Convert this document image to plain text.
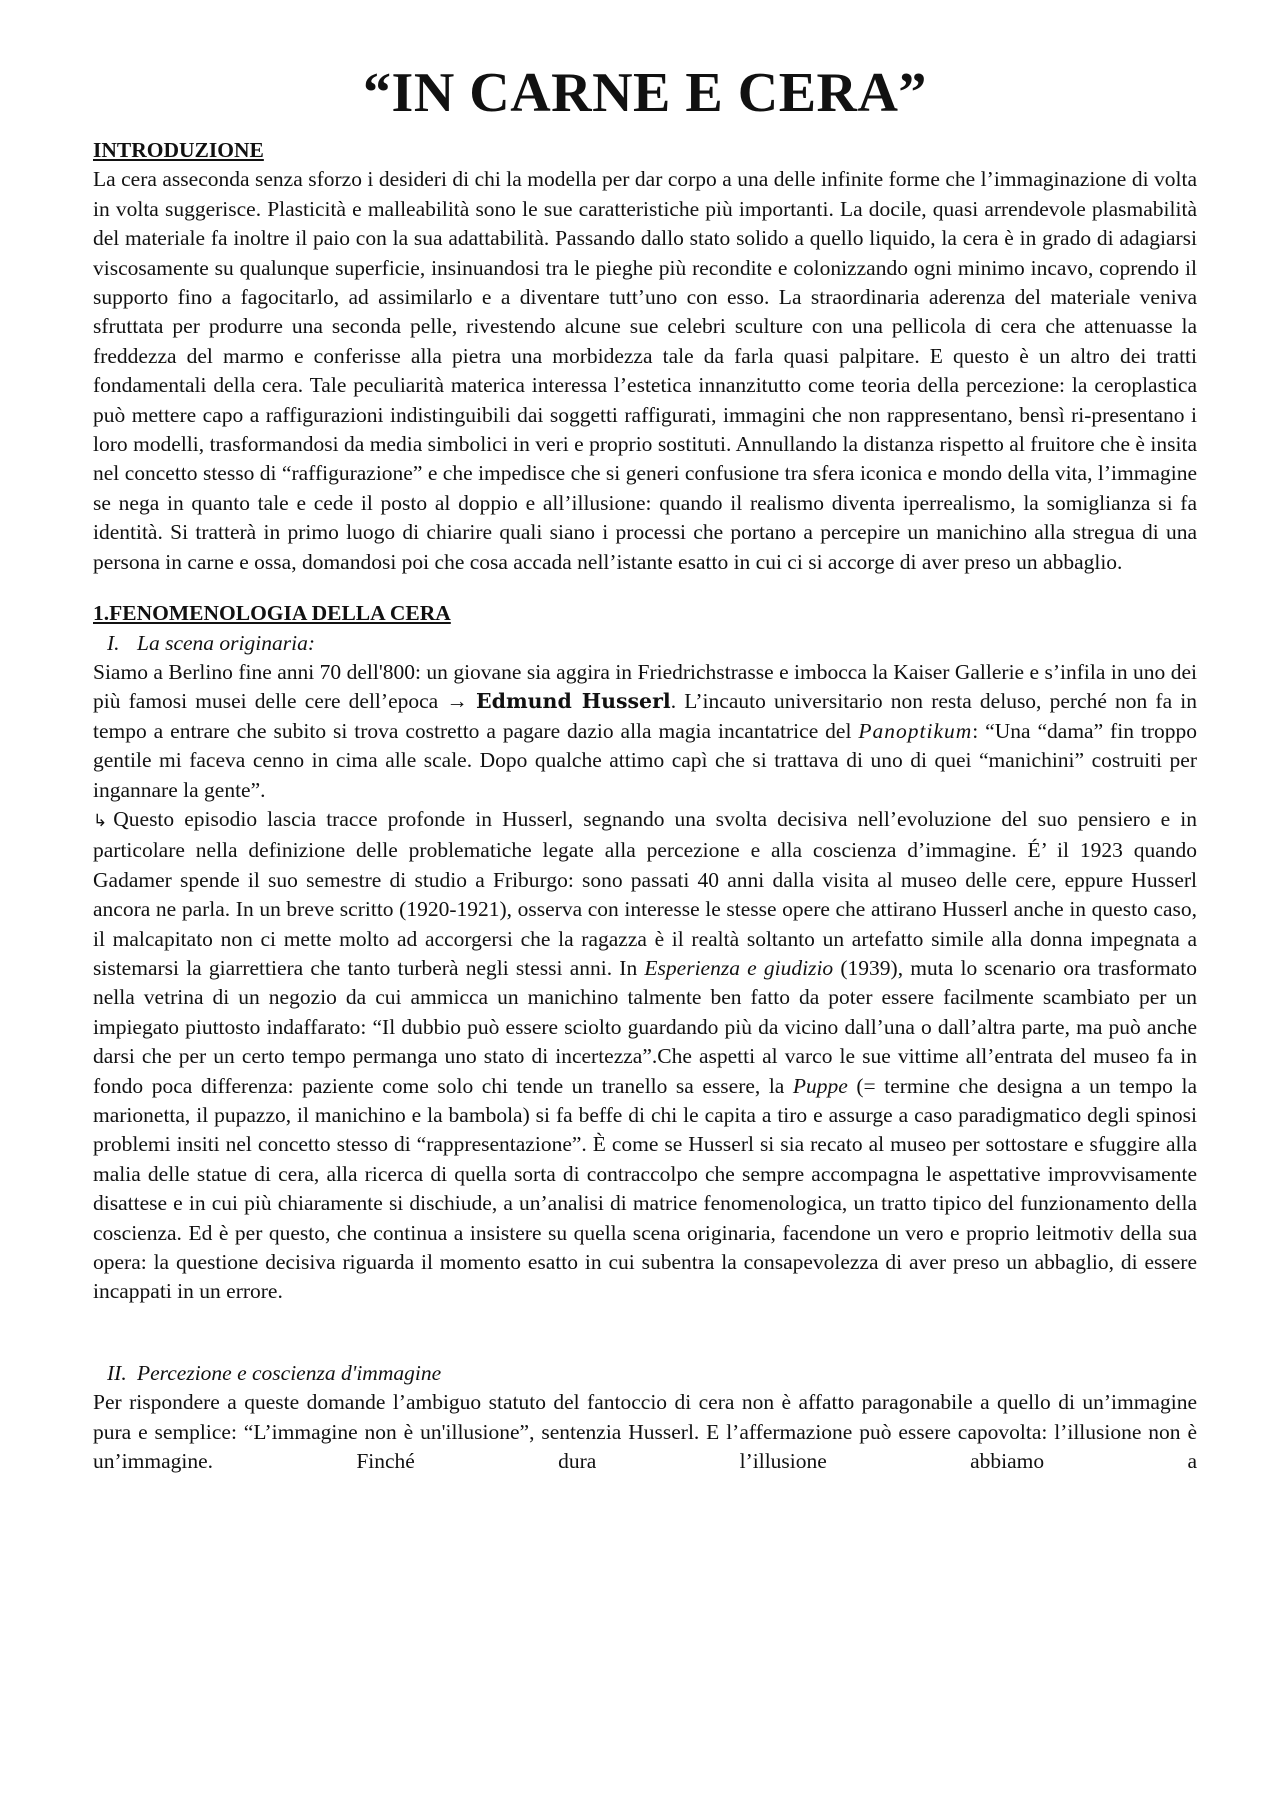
“IN CARNE E CERA”
INTRODUZIONE

La cera asseconda senza sforzo i desideri di chi la modella per dar corpo a una delle infinite forme che l’immaginazione di volta in volta suggerisce. Plasticità e malleabilità sono le sue caratteristiche più importanti. La docile, quasi arrendevole plasmabilità del materiale fa inoltre il paio con la sua adattabilità. Passando dallo stato solido a quello liquido, la cera è in grado di adagiarsi viscosamente su qualunque superficie, insinuandosi tra le pieghe più recondite e colonizzando ogni minimo incavo, coprendo il supporto fino a fagocitarlo, ad assimilarlo e a diventare tutt’uno con esso. La straordinaria aderenza del materiale veniva sfruttata per produrre una seconda pelle, rivestendo alcune sue celebri sculture con una pellicola di cera che attenuasse la freddezza del marmo e conferisse alla pietra una morbidezza tale da farla quasi palpitare. E questo è un altro dei tratti fondamentali della cera. Tale peculiarità materica interessa l’estetica innanzitutto come teoria della percezione: la ceroplastica può mettere capo a raffigurazioni indistinguibili dai soggetti raffigurati, immagini che non rappresentano, bensì ri-presentano i loro modelli, trasformandosi da media simbolici in veri e proprio sostituti. Annullando la distanza rispetto al fruitore che è insita nel concetto stesso di “raffigurazione” e che impedisce che si generi confusione tra sfera iconica e mondo della vita, l’immagine se nega in quanto tale e cede il posto al doppio e all’illusione: quando il realismo diventa iperrealismo, la somiglianza si fa identità. Si tratterà in primo luogo di chiarire quali siano i processi che portano a percepire un manichino alla stregua di una persona in carne e ossa, domandosi poi che cosa accada nell’istante esatto in cui ci si accorge di aver preso un abbaglio.

1.FENOMENOLOGIA DELLA CERA
I. La scena originaria:

Siamo a Berlino fine anni 70 dell'800: un giovane sia aggira in Friedrichstrasse e imbocca la Kaiser Gallerie e s’infila in uno dei più famosi musei delle cere dell’epoca → Edmund Husserl. L’incauto universitario non resta deluso, perché non fa in tempo a entrare che subito si trova costretto a pagare dazio alla magia incantatrice del Panoptikum: “Una “dama” fin troppo gentile mi faceva cenno in cima alle scale. Dopo qualche attimo capì che si trattava di uno di quei “manichini” costruiti per ingannare la gente”.

↳ Questo episodio lascia tracce profonde in Husserl, segnando una svolta decisiva nell’evoluzione del suo pensiero e in particolare nella definizione delle problematiche legate alla percezione e alla coscienza d’immagine. É’ il 1923 quando Gadamer spende il suo semestre di studio a Friburgo: sono passati 40 anni dalla visita al museo delle cere, eppure Husserl ancora ne parla. In un breve scritto (1920-1921), osserva con interesse le stesse opere che attirano Husserl anche in questo caso, il malcapitato non ci mette molto ad accorgersi che la ragazza è il realtà soltanto un artefatto simile alla donna impegnata a sistemarsi la giarrettiera che tanto turberà negli stessi anni. In Esperienza e giudizio (1939), muta lo scenario ora trasformato nella vetrina di un negozio da cui ammicca un manichino talmente ben fatto da poter essere facilmente scambiato per un impiegato piuttosto indaffarato: “Il dubbio può essere sciolto guardando più da vicino dall’una o dall’altra parte, ma può anche darsi che per un certo tempo permanga uno stato di incertezza”.Che aspetti al varco le sue vittime all’entrata del museo fa in fondo poca differenza: paziente come solo chi tende un tranello sa essere, la Puppe (= termine che designa a un tempo la marionetta, il pupazzo, il manichino e la bambola) si fa beffe di chi le capita a tiro e assurge a caso paradigmatico degli spinosi problemi insiti nel concetto stesso di “rappresentazione”. È come se Husserl si sia recato al museo per sottostare e sfuggire alla malia delle statue di cera, alla ricerca di quella sorta di contraccolpo che sempre accompagna le aspettative improvvisamente disattese e in cui più chiaramente si dischiude, a un’analisi di matrice fenomenologica, un tratto tipico del funzionamento della coscienza. Ed è per questo, che continua a insistere su quella scena originaria, facendone un vero e proprio leitmotiv della sua opera: la questione decisiva riguarda il momento esatto in cui subentra la consapevolezza di aver preso un abbaglio, di essere incappati in un errore.

II. Percezione e coscienza d'immagine

Per rispondere a queste domande l’ambiguo statuto del fantoccio di cera non è affatto paragonabile a quello di un’immagine pura e semplice: “L’immagine non è un'illusione”, sentenzia Husserl. E l’affermazione può essere capovolta: l’illusione non è un’immagine. Finché dura l’illusione abbiamo a
